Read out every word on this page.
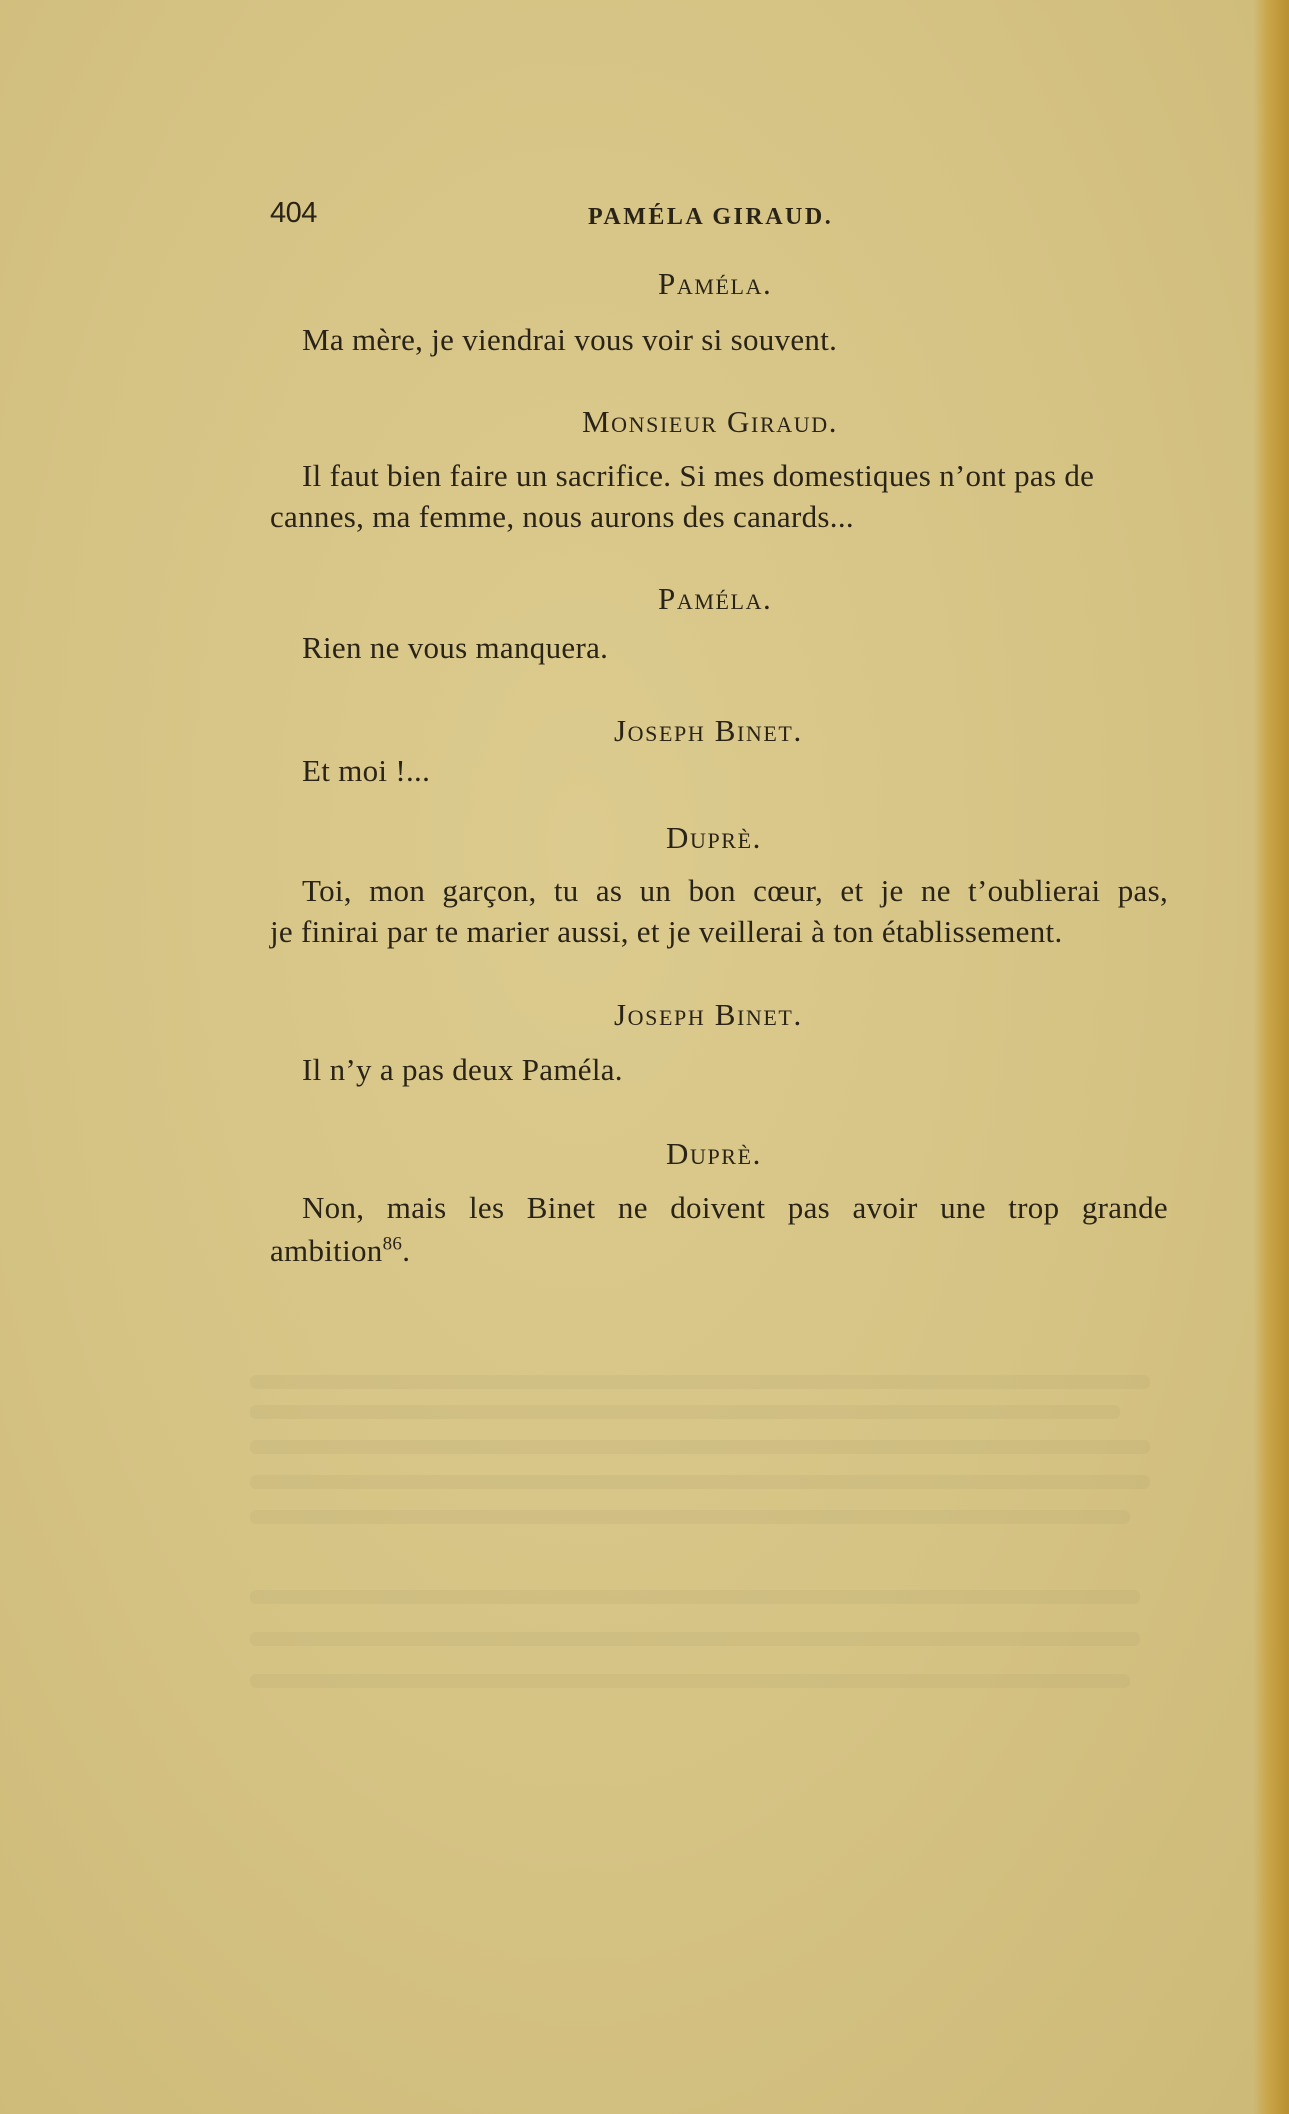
404	PAMÉLA GIRAUD.
Paméla.
Ma mère, je viendrai vous voir si souvent.
Monsieur Giraud.
Il faut bien faire un sacrifice. Si mes domestiques n’ont pas de
cannes, ma femme, nous aurons des canards...
Paméla.
Rien ne vous manquera.
Joseph Binet.
Et moi !...
Duprè.
Toi, mon garçon, tu as un bon cœur, et je ne t’oublierai pas,
je finirai par te marier aussi, et je veillerai à ton établissement.
Joseph Binet.
Il n’y a pas deux Paméla.
Duprè.
Non, mais les Binet ne doivent pas avoir une trop grande
ambition$^{86}$.
